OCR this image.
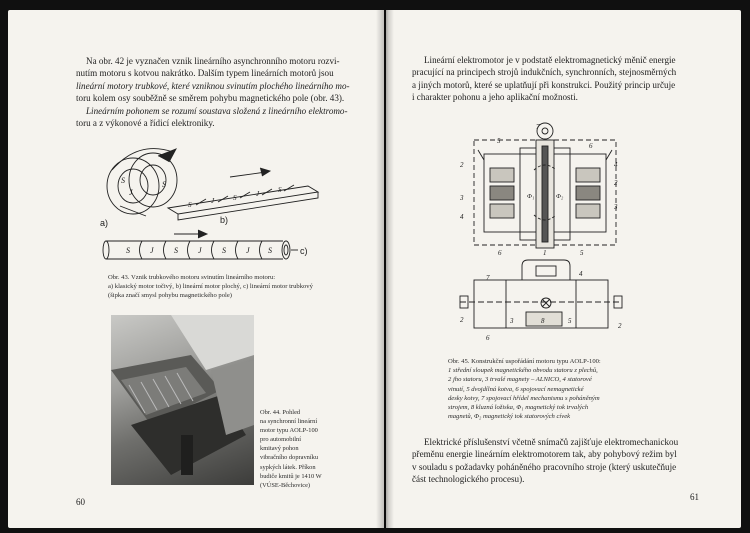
Na obr. 42 je vyznačen vznik lineárního asynchronního motoru rozvi-
nutím motoru s kotvou nakrátko. Dalším typem lineárních motorů jsou
lineární motory trubkové, které vzniknou svinutím plochého lineárního mo-
toru kolem osy souběžně se směrem pohybu magnetického pole (obr. 43).

Lineárním pohonem se rozumí soustava složená z lineárního elektromo-
toru a z výkonové a řídicí elektroniky.

S
J
S
a)
S	J	S	J	S
b)
S	J	S	J	S	J S	c)

Obr. 43. Vznik trubkového motoru svinutím lineárního motoru:
a) klasický motor točivý, b) lineární motor plochý, c) lineární motor trubkový
(šipka značí smysl pohybu magnetického pole)

Obr. 44. Pohled
na synchronní lineární
motor typu AOLP-100
pro automobilní
kmitavý pohon
vibračního dopravníku
sypkých látek. Příkon
budiče kmitů je 1410 W
(VÚSE-Běchovice)

60

Lineární elektromotor je v podstatě elektromagnetický měnič energie
pracující na principech strojů indukčních, synchronních, stejnosměrných
a jiných motorů, které se uplatňují při konstrukci. Použitý princip určuje
i charakter pohonu a jeho aplikační možnosti.

7
5
6
2	4
2
3
3
4
6	1	5
Φ₁	Φ₂
7	4
2	3	8	5
2
6

Obr. 45. Konstrukční uspořádání motoru typu AOLP-100:
1 střední sloupek magnetického obvodu statoru z plechů,
2 jho statoru, 3 trvalé magnety – ALNICO, 4 statorové
vinutí, 5 dvojdílná kotva, 6 spojovací nemagnetické
desky kotvy, 7 spojovací hřídel mechanismu s poháněným
strojem, 8 kluzná ložiska, Φ₁ magnetický tok trvalých
magnetů, Φ₂ magnetický tok statorových cívek

Elektrické příslušenství včetně snímačů zajišťuje elektromechanickou
přeměnu energie lineárním elektromotorem tak, aby pohybový režim byl
v souladu s požadavky poháněného pracovního stroje (který uskutečňuje
část technologického procesu).

61
